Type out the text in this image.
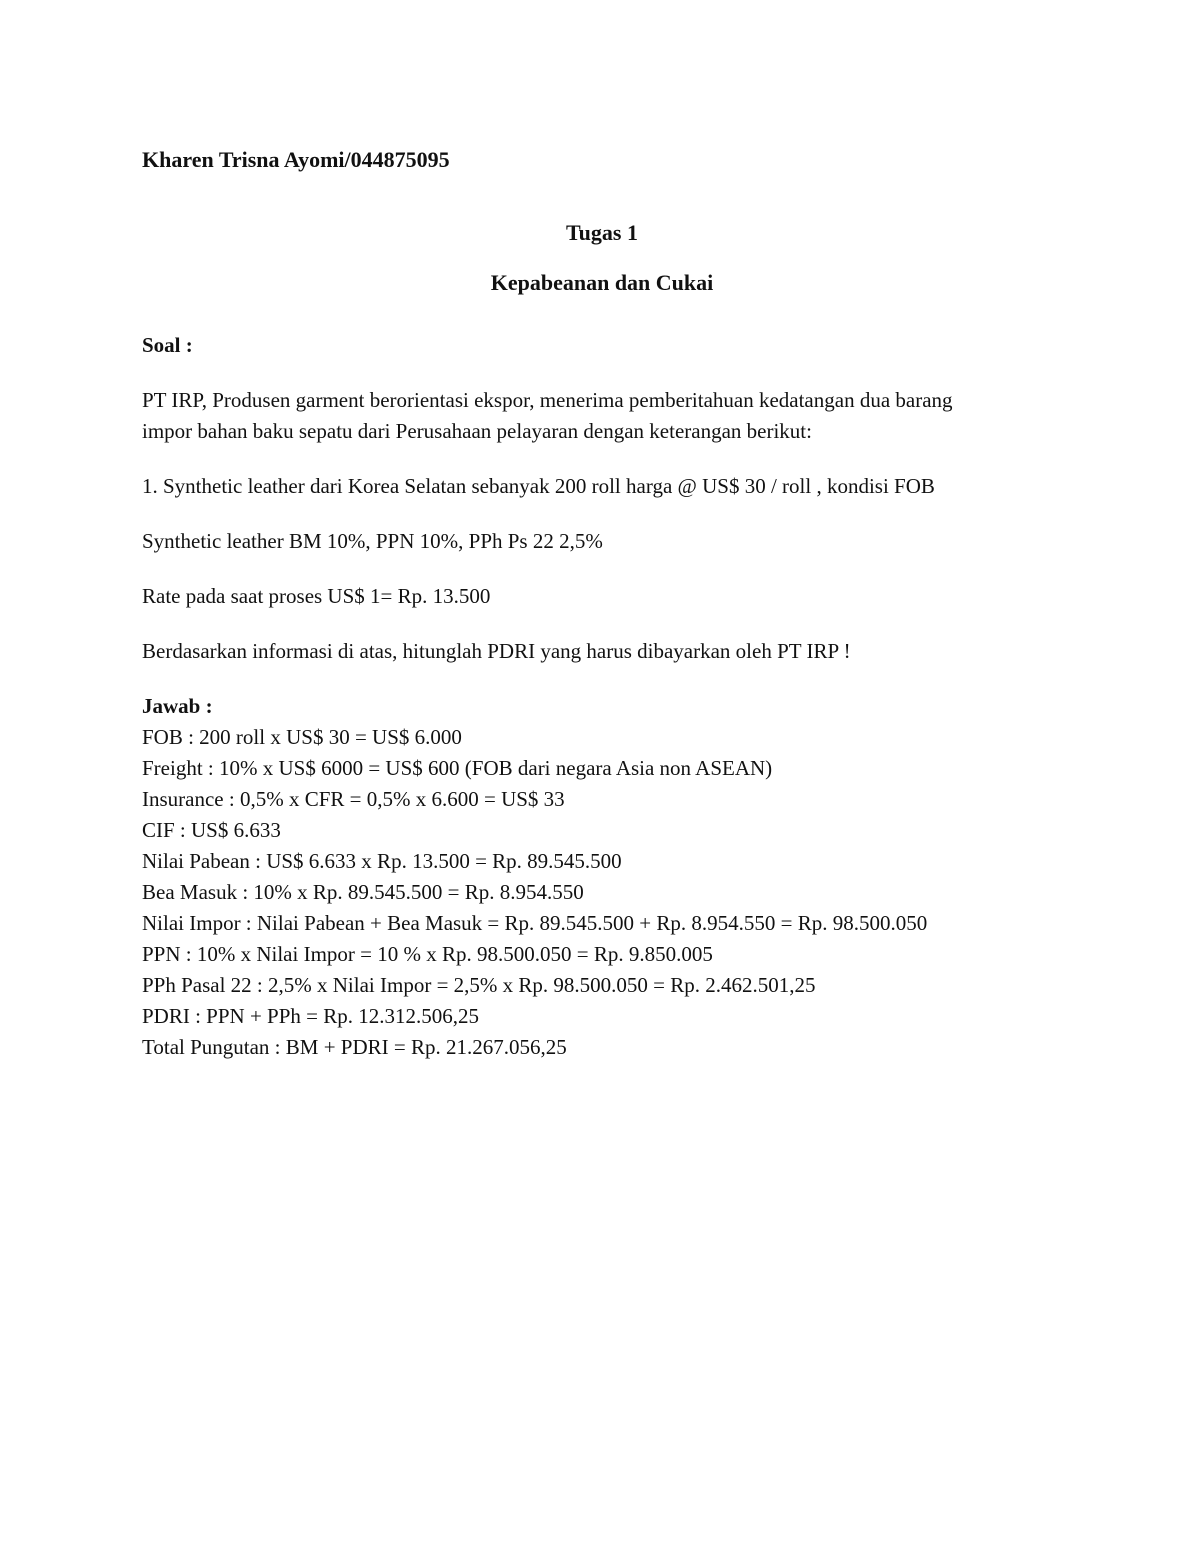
Kharen Trisna Ayomi/044875095

Tugas 1

Kepabeanan dan Cukai

Soal :

PT IRP, Produsen garment berorientasi ekspor, menerima pemberitahuan kedatangan dua barang

impor bahan baku sepatu dari Perusahaan pelayaran dengan keterangan berikut:

1. Synthetic leather dari Korea Selatan sebanyak 200 roll harga @ US$ 30 / roll , kondisi FOB

Synthetic leather BM 10%, PPN 10%, PPh Ps 22 2,5%

Rate pada saat proses US$ 1= Rp. 13.500

Berdasarkan informasi di atas, hitunglah PDRI yang harus dibayarkan oleh PT IRP !

Jawab :

FOB : 200 roll x US$ 30 = US$ 6.000
Freight : 10% x US$ 6000 = US$ 600 (FOB dari negara Asia non ASEAN)
Insurance : 0,5% x CFR = 0,5% x 6.600 = US$ 33
CIF : US$ 6.633
Nilai Pabean : US$ 6.633 x Rp. 13.500 = Rp. 89.545.500
Bea Masuk : 10% x Rp. 89.545.500 = Rp. 8.954.550
Nilai Impor : Nilai Pabean + Bea Masuk = Rp. 89.545.500 + Rp. 8.954.550 = Rp. 98.500.050
PPN : 10% x Nilai Impor = 10 % x Rp. 98.500.050 = Rp. 9.850.005
PPh Pasal 22 : 2,5% x Nilai Impor = 2,5% x Rp. 98.500.050 = Rp. 2.462.501,25
PDRI : PPN + PPh = Rp. 12.312.506,25
Total Pungutan : BM + PDRI = Rp. 21.267.056,25
